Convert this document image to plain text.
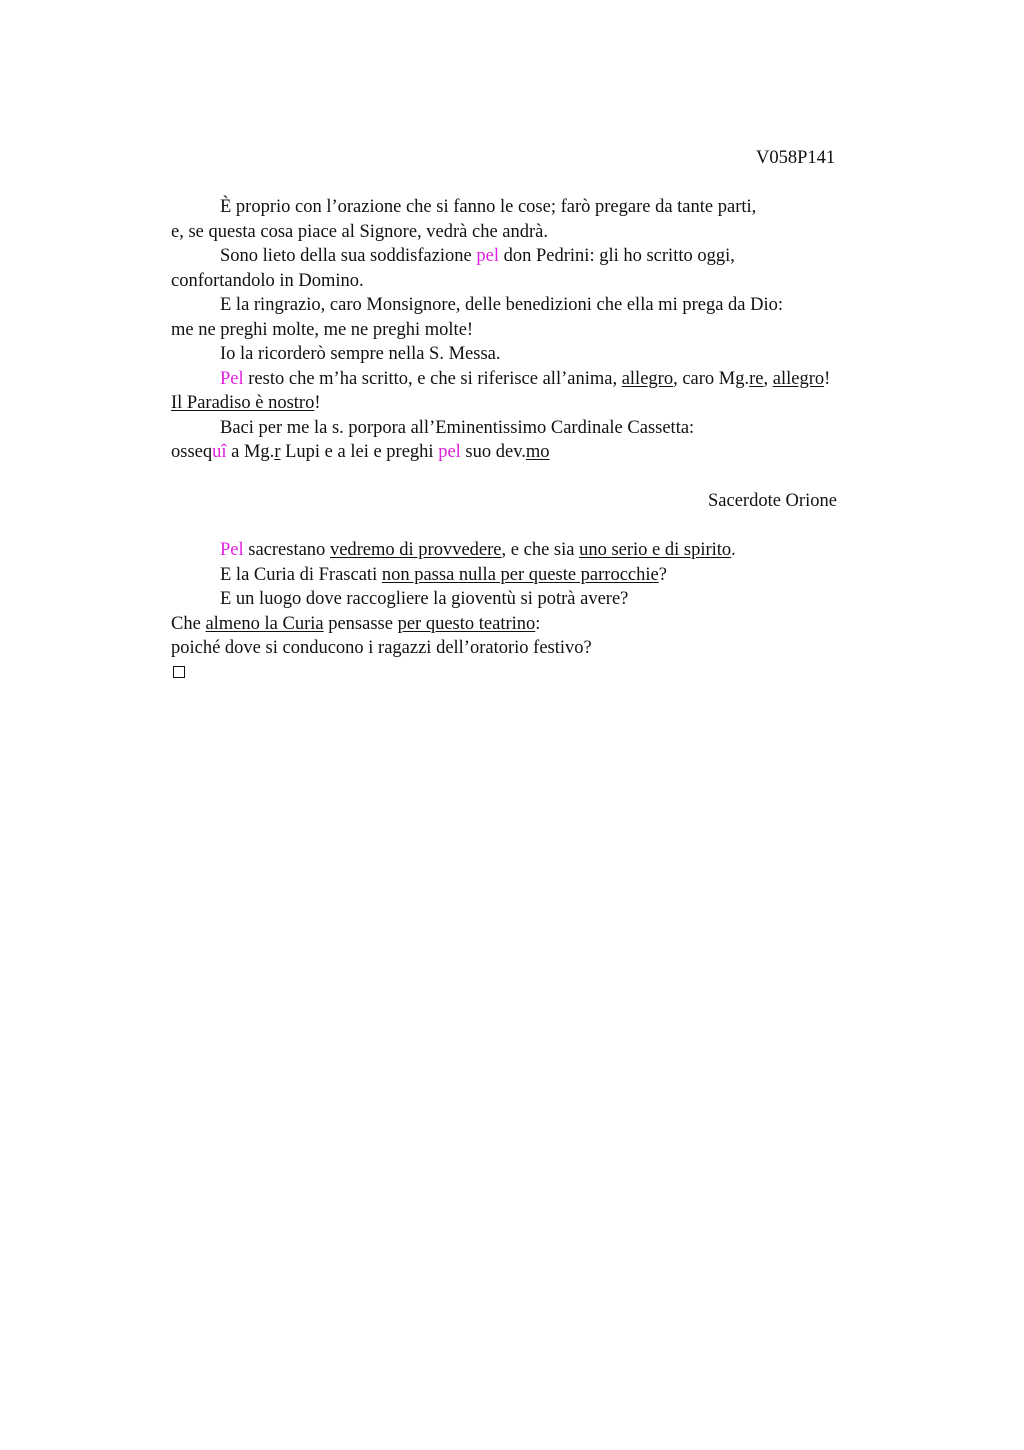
V058P141
È proprio con l’orazione che si fanno le cose; farò pregare da tante parti,
e, se questa cosa piace al Signore, vedrà che andrà.
Sono lieto della sua soddisfazione pel don Pedrini: gli ho scritto oggi,
confortandolo in Domino.
E la ringrazio, caro Monsignore, delle benedizioni che ella mi prega da Dio:
me ne preghi molte, me ne preghi molte!
Io la ricorderò sempre nella S. Messa.
Pel resto che m’ha scritto, e che si riferisce all’anima, allegro, caro Mg.re, allegro!
Il Paradiso è nostro!
Baci per me la s. porpora all’Eminentissimo Cardinale Cassetta:
ossequî a Mg.r Lupi e a lei e preghi pel suo dev.mo
Sacerdote Orione
Pel sacrestano vedremo di provvedere, e che sia uno serio e di spirito.
E la Curia di Frascati non passa nulla per queste parrocchie?
E un luogo dove raccogliere la gioventù si potrà avere?
Che almeno la Curia pensasse per questo teatrino:
poiché dove si conducono i ragazzi dell’oratorio festivo?
